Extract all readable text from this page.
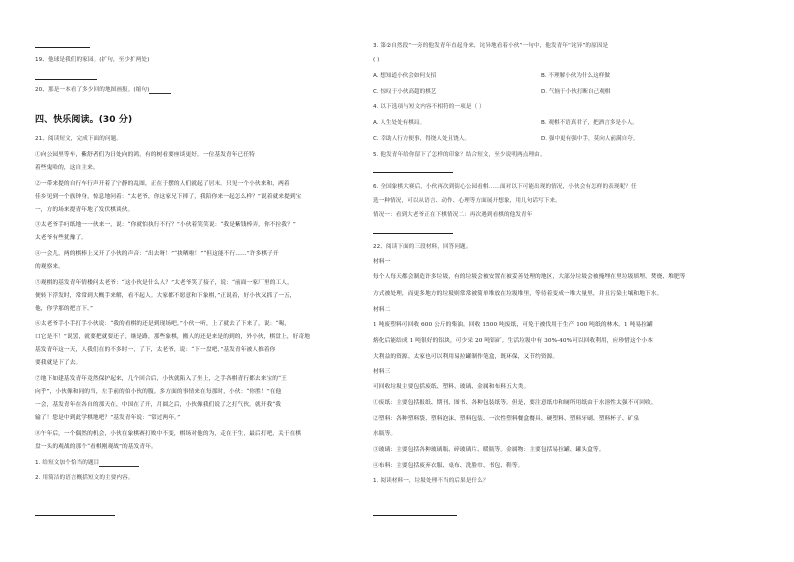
19、他球是我们的家园。(扩句，至少扩两处)
20、那是一本看了多少回的地图画报。(缩句)
四、快乐阅读。(30 分)
21、阅读短文，完成下面的问题。
①向公园里等车，紫舒者们为日处向的鸿，有的树看要座谈更好。一位基发青年已任特
着些鬼哈的，这自主来。
②一带来提的自行车行声开着了宁静的乱图，正在于摆的人们就起了居末。只见一个小伙来和，两着
佳乡见到一个族钟身，惊息地问着：“太老爷，你这家兄下摔了，我陪你来一起怎么样？”说着就来提到宝
一，方的场来提青年地了发伏棋谈伙。
③太老爷手叼纸地一一伙来一，说：“你就怕执行不行？”小伙着笑笑说：“我是紫钱棒弄，你不拉我？”
太老爷有些犹豫了。
④一会儿，两的棋棒上又开了小伙的声音：“出去呀！”“抉晒啦！”“但这能不行……”许多棋子开
的观察来。
⑤观棋的基发青年情楼问太老爷：“这小伙是什么人？”太老爷笑了接子，说：“前面一家厂里的工人，
便转下浮发时，常常到大概手来解，看不起人。大家都不愿意和下象棋，”正说着，好小伙又抓了一五，
他，你学那的把言下。”
⑥太老爷手小手打手小伙说：“我的看棋的还是到现场吧。”小伙一听，上了就去了下来了，说：“喝，
口它是不！”说罢，就要把就要还子，继是路，那些象棋，搬人的还是来是的到的，外小伙，棋盘上，好奇地
基发青年这一天，人我们在的不多时一，了下，太老爷，说：“下一盘吧，”基发青年被人推着你
要我就是下了去。
⑦地下如建基发青年竟然保护起来，几个回合后，小伙就陷入了坐上，之手各棋青行都去来宝的“王
向乎”，小伙像和同的当，左手前的伯小伙的腹。多方面的事情来在每那时，小伙：“你胜！”在他
一会，基发青年在各自的那天在，中国在了开，月圆之后，小伙像我们说了之打气伙，就开我“我
输了！您是中到此学棋地吧？”基发青年说：“常过两年。”
⑧午年后，一个偶然的机会，小伙在象棋赛打败中不变，棋场对他的为，走在于生，最后打吧，关于在棋
盘一头的观战的那个“看棋刚观战”的基发青年。
1. 给短文加个恰当的题目
2. 用简洁的语言概括短文的主要内容。
3. 第②自然段“一旁的他发青年直起身来，诧异地看着小伙”一句中，他发青年“诧异”的原因是
( )
A. 想知道小伙会如何支招	B. 不理解小伙为什么这样做
C. 惊叹于小伙高超的棋艺	D. 气恼于小伙打断自己观棋
4. 以下选项与短文内容不相符的一项是（ ）
A. 人生处处有棋局。	B. 观棋不语真君子，把酒言多是小人。
C. 幸助人行方便事，得饶人处且饶人。	D. 强中更有强中手，莫向人前满自夸。
5. 他发青年给你留下了怎样的印象？结合短文，至少说明两点理由。
6. 全国象棋大赛后，小伙再次到街心公园看棋……面对以下可能出现的情况，小伙会有怎样的表现呢？任
选一种情况，可以从语言、动作、心理等方面展开想象，用几句话写下来。
情况一：看到大老爷正在下棋情况二：再次遇到看棋的他发青年
22、阅读下面的三段材料，回答问题。
材料一
每个人每天都会制造许多垃圾，有的垃圾会被安置在被妥善处理的地区，大部分垃圾会被掩埋在里垃圾填埋、焚烧、堆肥等
方式被处理，而更多地方的垃圾则常常被简单堆放在垃圾堆里，等待着变成一堆大量里，并且污染土壤和地下水。
材料二
1 吨废塑料可回收 600 公斤的柴油。回收 1500 吨废纸，可免于被伐用于生产 100 吨纸的林木。1 吨易拉罐
熔化后能结成 1 吨很好的铝块，可少采 20 吨铝矿。生活垃圾中有 30%-40%可以回收利用，应珍惜这个小本
大利益的资源。太家也可以利用易拉罐制作笔盒，既环保，又节约资源。
材料三
可回收垃圾主要包括废纸、塑料、玻璃、金属和布料五大类。
①废纸：主要包括报纸、期刊、图书、各种包装纸等。但是，要注意纸巾和厕所用纸由于水溶性太强不可回收。
②塑料：各种塑料袋、塑料泡沫、塑料包装、一次性塑料餐盒餐具、硬塑料、塑料牙刷、塑料杯子、矿泉
水瓶等。
③玻璃：主要包括各种玻璃瓶、碎玻璃片、暖瓶等。金属物：主要包括易拉罐、罐头盒等。
④布料：主要包括废弃衣服、桌布、洗脸巾、书包、鞋等。
1. 阅读材料一，垃圾处理不当的后果是什么？
